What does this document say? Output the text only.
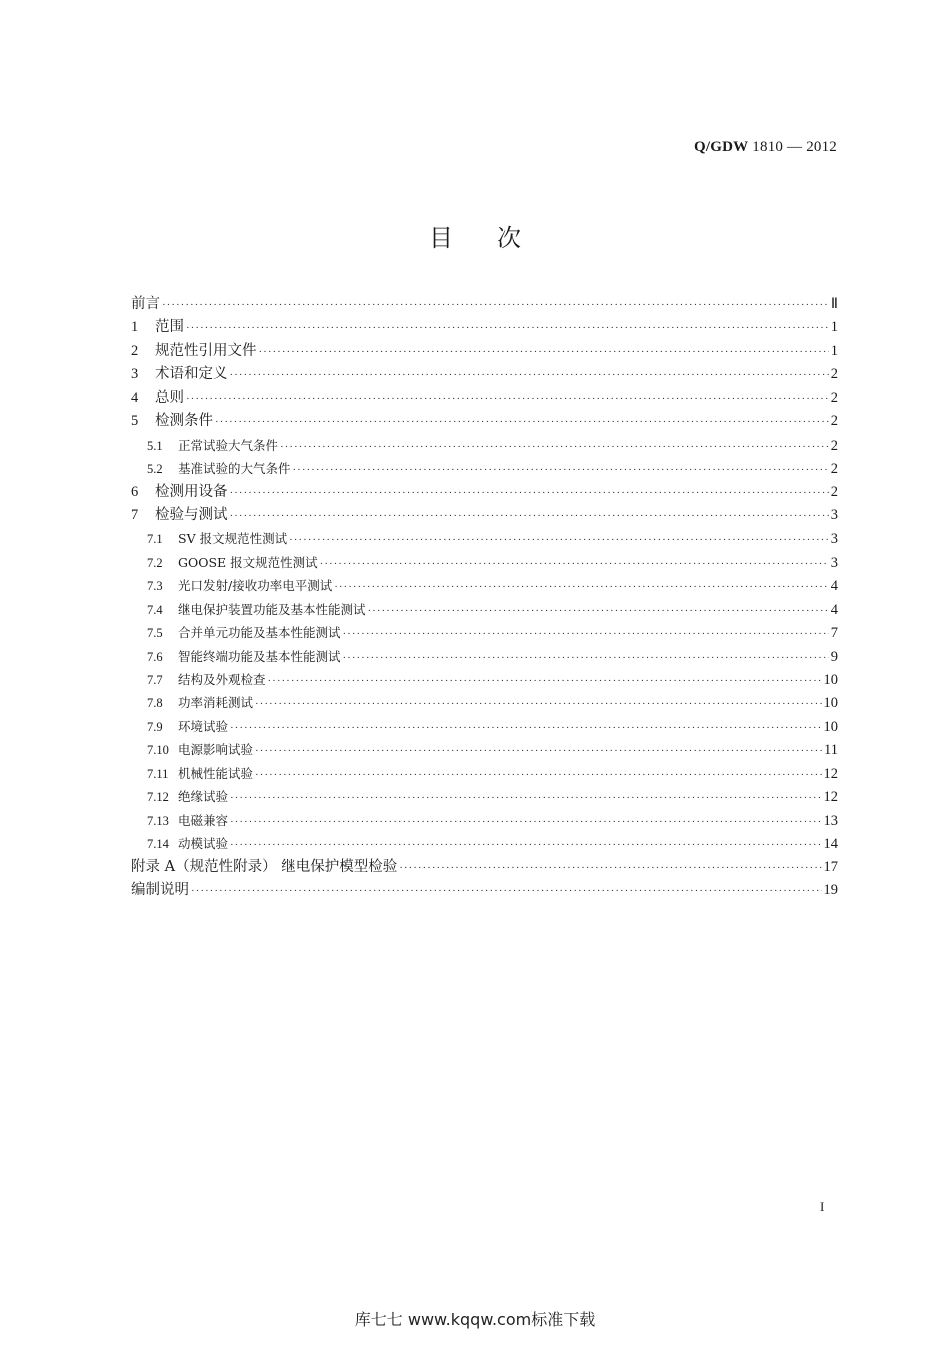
Q/GDW 1810 — 2012
目次
前言 ·····	Ⅱ
1	范围 ·····	1
2	规范性引用文件 ·····	1
3	术语和定义 ·····	2
4	总则 ·····	2
5	检测条件 ·····	2
5.1	正常试验大气条件 ·····	2
5.2	基准试验的大气条件 ·····	2
6	检测用设备 ·····	2
7	检验与测试 ·····	3
7.1	SV 报文规范性测试 ·····	3
7.2	GOOSE 报文规范性测试 ·····	3
7.3	光口发射/接收功率电平测试 ·····	4
7.4	继电保护装置功能及基本性能测试 ·····	4
7.5	合并单元功能及基本性能测试 ·····	7
7.6	智能终端功能及基本性能测试 ·····	9
7.7	结构及外观检查 ·····	10
7.8	功率消耗测试 ·····	10
7.9	环境试验 ·····	10
7.10 电源影响试验 ·····	11
7.11 机械性能试验 ·····	12
7.12 绝缘试验 ·····	12
7.13 电磁兼容 ·····	13
7.14 动模试验 ·····	14
附录 A（规范性附录） 继电保护模型检验 ·····	17
编制说明 ·····	19
I
库七七 www.kqqw.com标准下载
